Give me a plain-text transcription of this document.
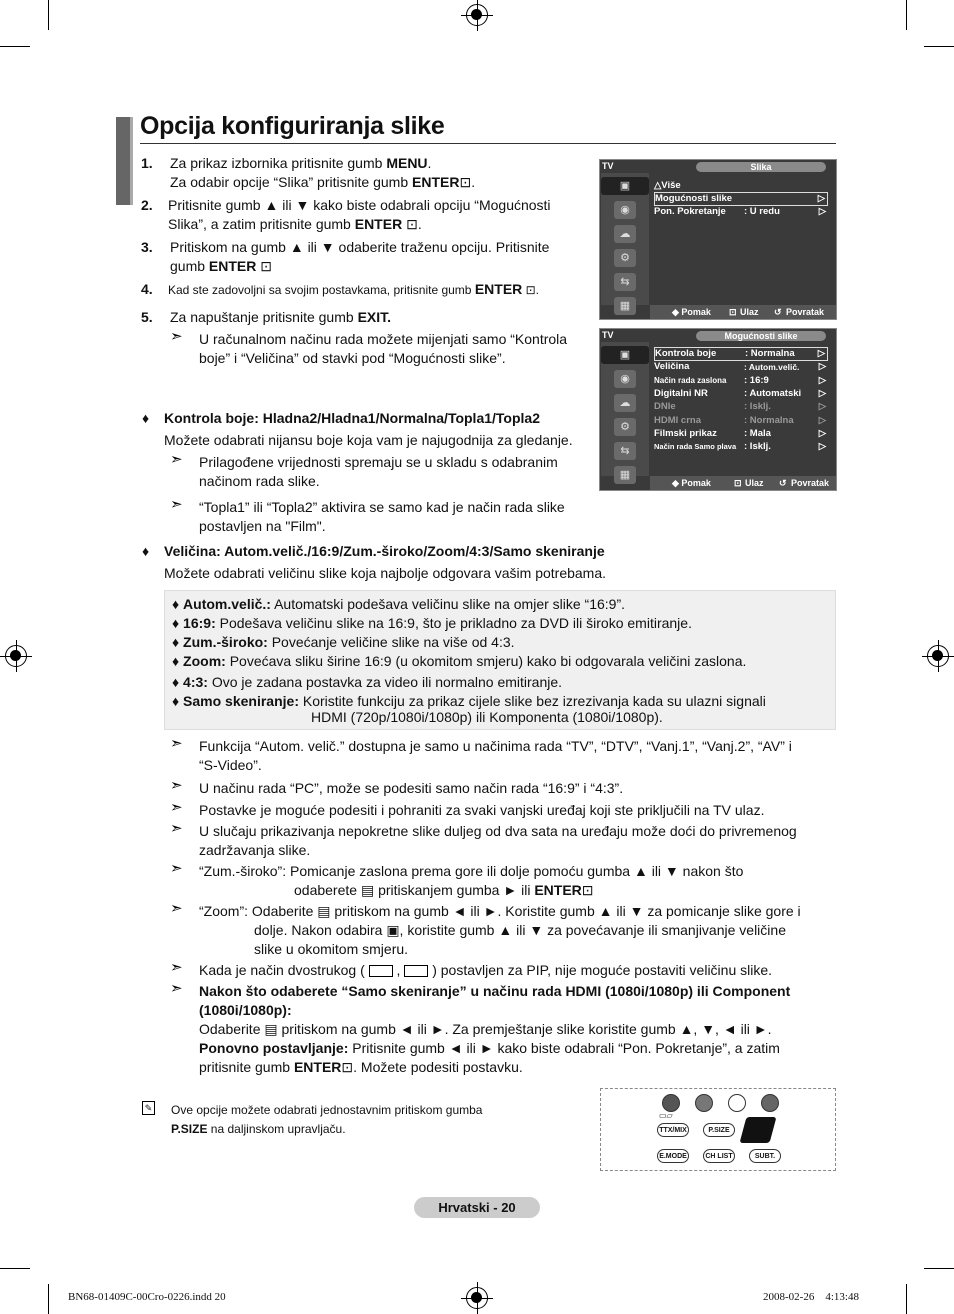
Opcija konfiguriranja slike
1. Za prikaz izbornika pritisnite gumb MENU.
Za odabir opcije “Slika” pritisnite gumb ENTER⊡.
2. Pritisnite gumb ▲ ili ▼ kako biste odabrali opciju “Mogućnosti
Slika”, a zatim pritisnite gumb ENTER ⊡.
3. Pritiskom na gumb ▲ ili ▼ odaberite traženu opciju. Pritisnite
gumb ENTER ⊡
4. Kad ste zadovoljni sa svojim postavkama, pritisnite gumb ENTER ⊡.
5. Za napuštanje pritisnite gumb EXIT.
➣ U računalnom načinu rada možete mijenjati samo “Kontrola boje” i “Veličina” od stavki pod “Mogućnosti slike”.
♦ Kontrola boje: Hladna2/Hladna1/Normalna/Topla1/Topla2
Možete odabrati nijansu boje koja vam je najugodnija za gledanje.
➣ Prilagođene vrijednosti spremaju se u skladu s odabranim načinom rada slike.
➣ “Topla1” ili “Topla2” aktivira se samo kad je način rada slike postavljen na "Film".
♦ Veličina: Autom.velič./16:9/Zum.-široko/Zoom/4:3/Samo skeniranje
Možete odabrati veličinu slike koja najbolje odgovara vašim potrebama.
♦ Autom.velič.: Automatski podešava veličinu slike na omjer slike “16:9”.
♦ 16:9: Podešava veličinu slike na 16:9, što je prikladno za DVD ili široko emitiranje.
♦ Zum.-široko: Povećanje veličine slike na više od 4:3.
♦ Zoom: Povećava sliku širine 16:9 (u okomitom smjeru) kako bi odgovarala veličini zaslona.
♦ 4:3: Ovo je zadana postavka za video ili normalno emitiranje.
♦ Samo skeniranje: Koristite funkciju za prikaz cijele slike bez izrezivanja kada su ulazni signali
HDMI (720p/1080i/1080p) ili Komponenta (1080i/1080p).
➣ Funkcija “Autom. velič.” dostupna je samo u načinima rada “TV”, “DTV”, “Vanj.1”, “Vanj.2”, “AV” i
“S-Video”.
➣ U načinu rada “PC”, može se podesiti samo način rada “16:9” i “4:3”.
➣ Postavke je moguće podesiti i pohraniti za svaki vanjski uređaj koji ste priključili na TV ulaz.
➣ U slučaju prikazivanja nepokretne slike duljeg od dva sata na uređaju može doći do privremenog
zadržavanja slike.
➣ “Zum.-široko”: Pomicanje zaslona prema gore ili dolje pomoću gumba ▲ ili ▼ nakon što
odaberete ▤ pritiskanjem gumba ► ili ENTER⊡
➣ “Zoom”: Odaberite ▤ pritiskom na gumb ◄ ili ►. Koristite gumb ▲ ili ▼ za pomicanje slike gore i
dolje. Nakon odabira ▣, koristite gumb ▲ ili ▼ za povećavanje ili smanjivanje veličine
slike u okomitom smjeru.
➣ Kada je način dvostrukog (  ,  ) postavljen za PIP, nije moguće postaviti veličinu slike.
➣ Nakon što odaberete “Samo skeniranje” u načinu rada HDMI (1080i/1080p) ili Component
(1080i/1080p):
Odaberite ▤ pritiskom na gumb ◄ ili ►. Za premještanje slike koristite gumb ▲, ▼, ◄ ili ►.
Ponovno postavljanje: Pritisnite gumb ◄ ili ► kako biste odabrali “Pon. Pokretanje”, a zatim
pritisnite gumb ENTER⊡. Možete podesiti postavku.
✎ Ove opcije možete odabrati jednostavnim pritiskom gumba
P.SIZE na daljinskom upravljaču.
▭▱
TTX/MIX	P.SIZE
E.MODE	CH LIST	SUBT.
TV	Slika
▣
◉
☁
⚙
⇆
▦
△Više
Mogućnosti slike	▷
Pon. Pokretanje : U redu	▷
◆ Pomak ⊡ Ulaz ↺ Povratak
TV	Mogućnosti slike
▣
◉
☁
⚙
⇆
▦
Kontrola boje	: Normalna ▷
Veličina	: Autom.velič. ▷
Način rada zaslona : 16:9	▷
Digitalni NR	: Automatski ▷
DNIe	: Isklj.	▷
HDMI crna	: Normalna	▷
Filmski prikaz	: Mala	▷
Način rada Samo plava : Isklj.	▷
◆ Pomak	⊡ Ulaz ↺ Povratak
Hrvatski - 20
BN68-01409C-00Cro-0226.indd 20	2008-02-26    4:13:48
